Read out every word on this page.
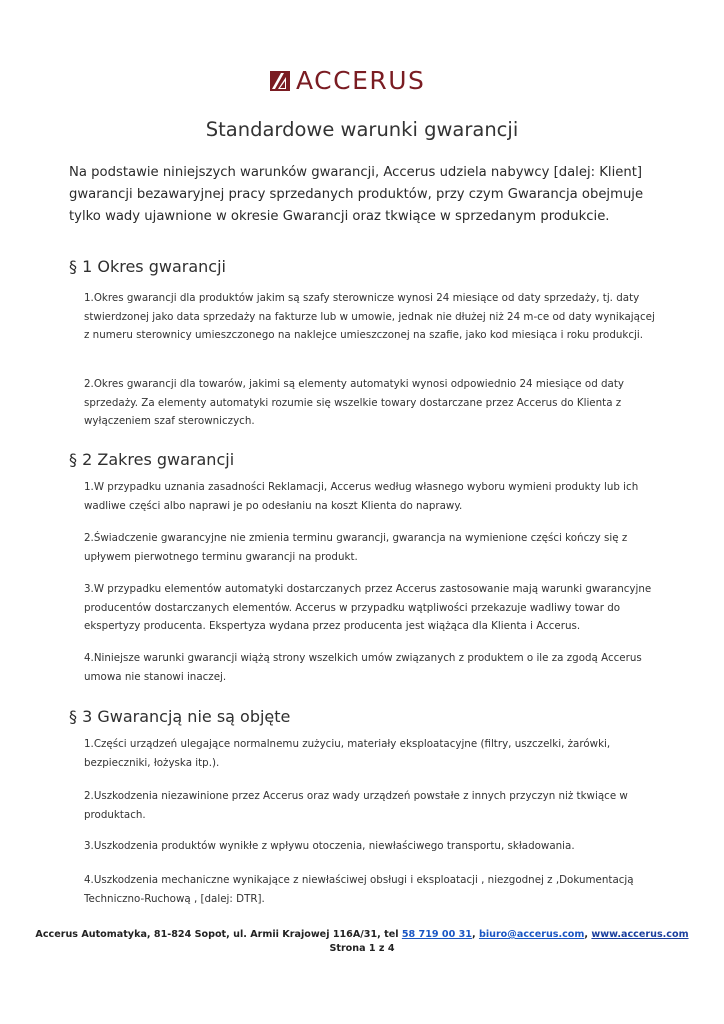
ACCERUS
Standardowe warunki gwarancji

Na podstawie niniejszych warunków gwarancji, Accerus udziela nabywcy [dalej: Klient] gwarancji bezawaryjnej pracy sprzedanych produktów, przy czym Gwarancja obejmuje tylko wady ujawnione w okresie Gwarancji oraz tkwiące w sprzedanym produkcie.

§ 1 Okres gwarancji

1.Okres gwarancji dla produktów jakim są szafy sterownicze wynosi 24 miesiące od daty sprzedaży, tj. daty stwierdzonej jako data sprzedaży na fakturze lub w umowie, jednak nie dłużej niż 24 m-ce od daty wynikającej z numeru sterownicy umieszczonego na naklejce umieszczonej na szafie, jako kod miesiąca i roku produkcji.

2.Okres gwarancji dla towarów, jakimi są elementy automatyki wynosi odpowiednio 24 miesiące od daty sprzedaży. Za elementy automatyki rozumie się wszelkie towary dostarczane przez Accerus do Klienta z wyłączeniem szaf sterowniczych.

§ 2 Zakres gwarancji

1.W przypadku uznania zasadności Reklamacji, Accerus według własnego wyboru wymieni produkty lub ich wadliwe części albo naprawi je po odesłaniu na koszt Klienta do naprawy.

2.Świadczenie gwarancyjne nie zmienia terminu gwarancji, gwarancja na wymienione części kończy się z upływem pierwotnego terminu gwarancji na produkt.

3.W przypadku elementów automatyki dostarczanych przez Accerus zastosowanie mają warunki gwarancyjne producentów dostarczanych elementów. Accerus w przypadku wątpliwości przekazuje wadliwy towar do ekspertyzy producenta. Ekspertyza wydana przez producenta jest wiążąca dla Klienta i Accerus.

4.Niniejsze warunki gwarancji wiążą strony wszelkich umów związanych z produktem o ile za zgodą Accerus umowa nie stanowi inaczej.

§ 3 Gwarancją nie są objęte

1.Części urządzeń ulegające normalnemu zużyciu, materiały eksploatacyjne (filtry, uszczelki, żarówki, bezpieczniki, łożyska itp.).

2.Uszkodzenia niezawinione przez Accerus oraz wady urządzeń powstałe z innych przyczyn niż tkwiące w produktach.

3.Uszkodzenia produktów wynikłe z wpływu otoczenia, niewłaściwego transportu, składowania.

4.Uszkodzenia mechaniczne wynikające z niewłaściwej obsługi i eksploatacji , niezgodnej z ,Dokumentacją Techniczno-Ruchową , [dalej: DTR].

Accerus Automatyka, 81-824 Sopot, ul. Armii Krajowej 116A/31, tel 58 719 00 31, biuro@accerus.com, www.accerus.com
Strona 1 z 4
